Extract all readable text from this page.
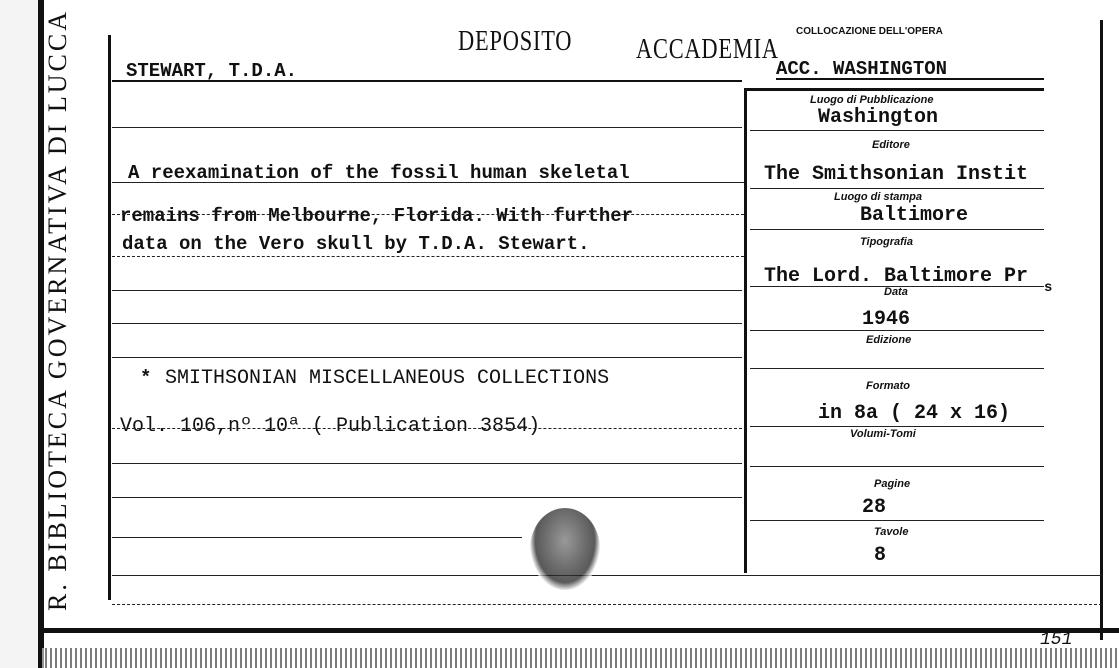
R. BIBLIOTECA GOVERNATIVA DI LUCCA	DEPOSITO ACCADEMIA
COLLOCAZIONE DELL'OPERA
STEWART, T.D.A.	ACC. WASHINGTON
A reexamination of the fossil human skeletal
remains from Melbourne, Florida. With further
data on the Vero skull by T.D.A. Stewart.
* SMITHSONIAN MISCELLANEOUS COLLECTIONS
Vol. 106,nº 10ª ( Publication 3854)
Luogo di Pubblicazione
Washington
Editore
The Smithsonian Instit
Luogo di stampa
Baltimore
Tipografia
The Lord. Baltimore Pr s
Data
1946
Edizione
Formato
in 8a ( 24 x 16)
Volumi-Tomi
Pagine
28
Tavole
8
151
